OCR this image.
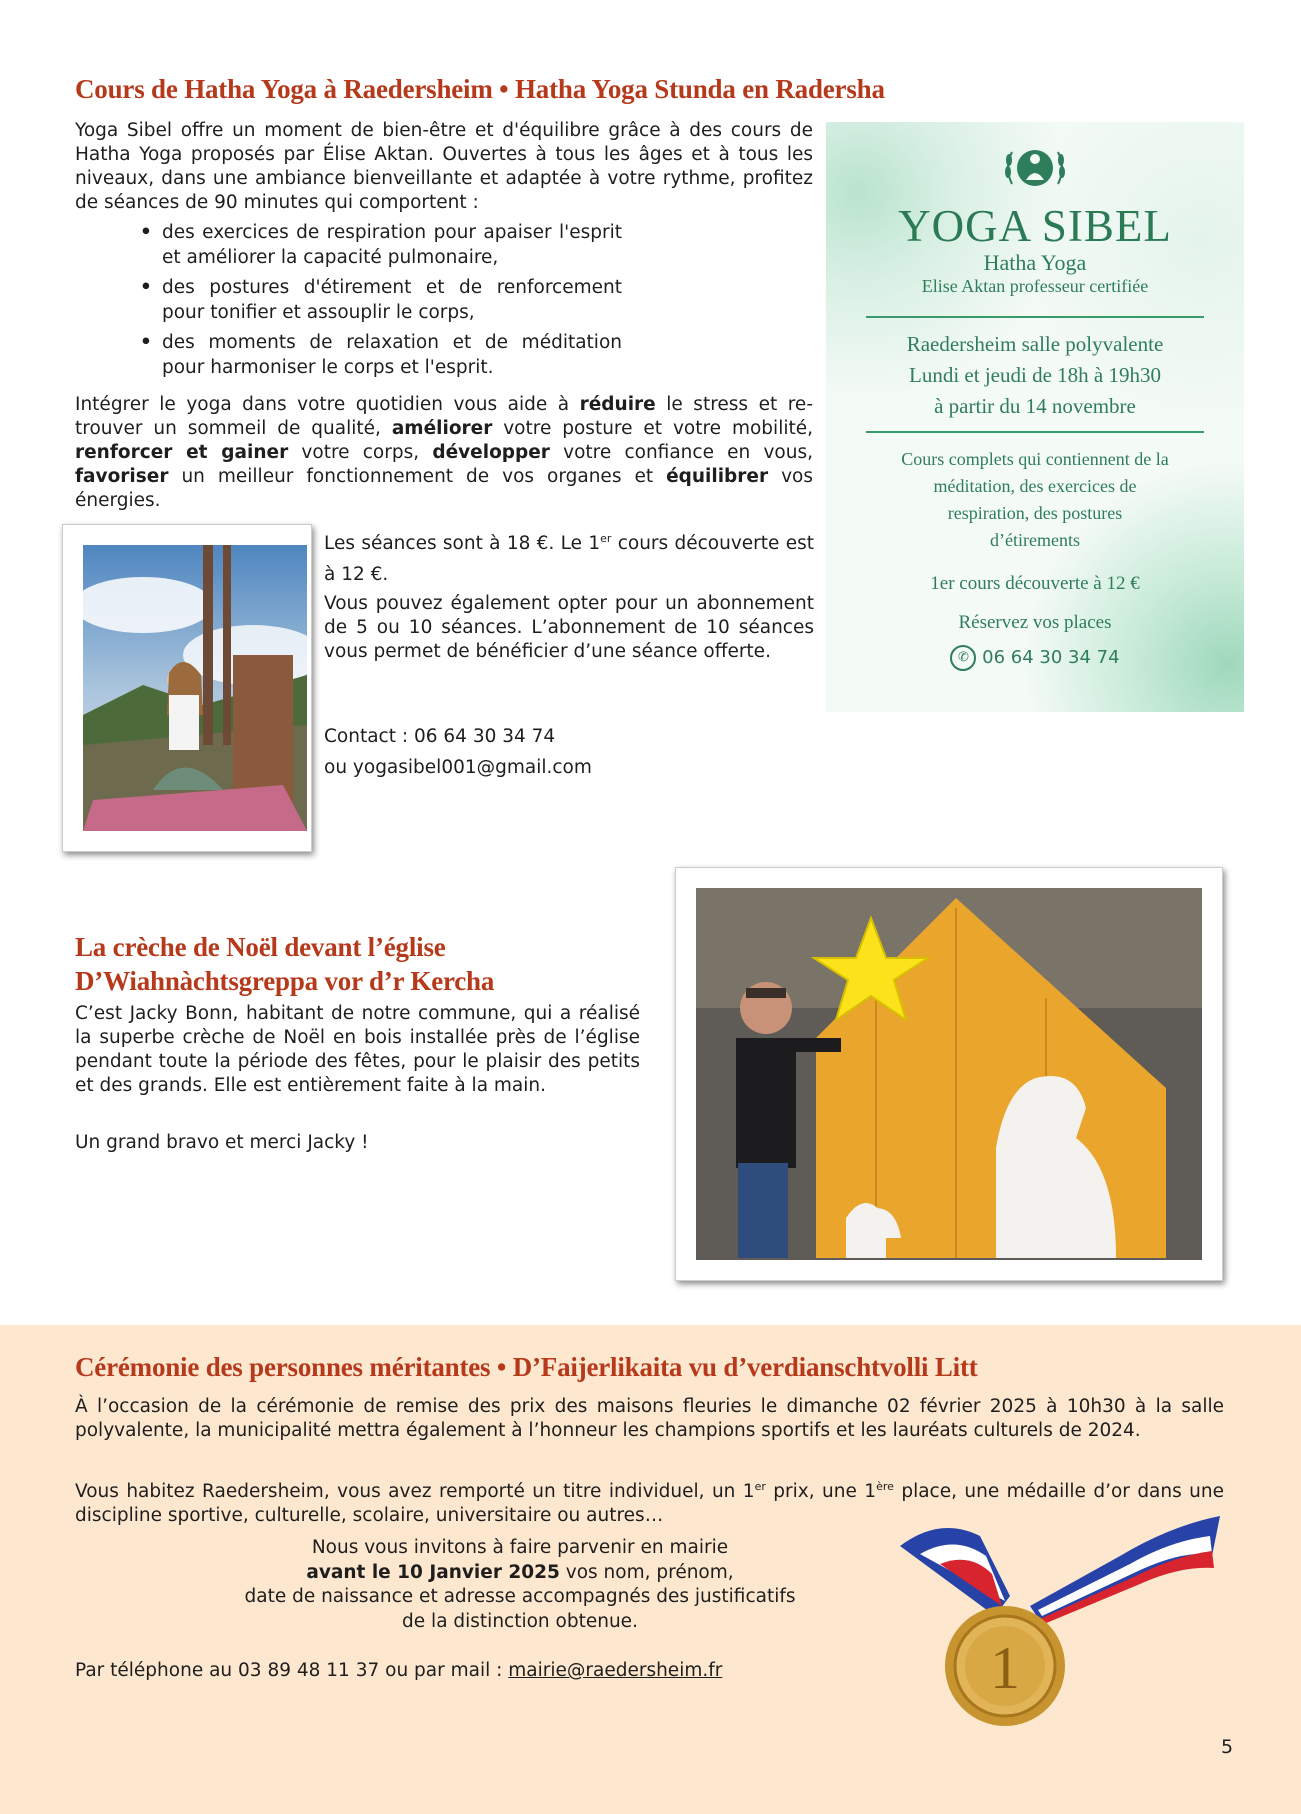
Cours de Hatha Yoga à Raedersheim • Hatha Yoga Stunda en Radersha

Yoga Sibel offre un moment de bien-être et d'équilibre grâce à des cours de Hatha Yoga proposés par Élise Aktan. Ouvertes à tous les âges et à tous les niveaux, dans une ambiance bienveillante et adaptée à votre rythme, profitez de séances de 90 minutes qui comportent :

• des exercices de respiration pour apaiser l'esprit et améliorer la capacité pulmonaire,
• des postures d'étirement et de renforcement pour tonifier et assouplir le corps,
• des moments de relaxation et de méditation pour harmoniser le corps et l'esprit.

Intégrer le yoga dans votre quotidien vous aide à réduire le stress et retrouver un sommeil de qualité, améliorer votre posture et votre mobilité, renforcer et gainer votre corps, développer votre confiance en vous, favoriser un meilleur fonctionnement de vos organes et équilibrer vos énergies.

Les séances sont à 18 €. Le 1er cours découverte est à 12 €.

Vous pouvez également opter pour un abonnement de 5 ou 10 séances. L’abonnement de 10 séances vous permet de bénéficier d’une séance offerte.

Contact : 06 64 30 34 74

ou yogasibel001@gmail.com

YOGA SIBEL
Hatha Yoga
Elise Aktan professeur certifiée
Raedersheim salle polyvalente
Lundi et jeudi de 18h à 19h30
à partir du 14 novembre
Cours complets qui contiennent de la
méditation, des exercices de
respiration, des postures
d’étirements
1er cours découverte à 12 €
Réservez vos places
✆ 06 64 30 34 74
La crèche de Noël devant l’église
D’Wiahnàchtsgreppa vor d’r Kercha

C’est Jacky Bonn, habitant de notre commune, qui a réalisé la superbe crèche de Noël en bois installée près de l’église pendant toute la période des fêtes, pour le plaisir des petits et des grands. Elle est entièrement faite à la main.

Un grand bravo et merci Jacky !

Cérémonie des personnes méritantes • D’Faijerlikaita vu d’verdianschtvolli Litt

À l’occasion de la cérémonie de remise des prix des maisons fleuries le dimanche 02 février 2025 à 10h30 à la salle polyvalente, la municipalité mettra également à l’honneur les champions sportifs et les lauréats culturels de 2024.

Vous habitez Raedersheim, vous avez remporté un titre individuel, un 1er prix, une 1ère place, une médaille d’or dans une discipline sportive, culturelle, scolaire, universitaire ou autres…

Nous vous invitons à faire parvenir en mairie
avant le 10 Janvier 2025 vos nom, prénom,
date de naissance et adresse accompagnés des justificatifs
de la distinction obtenue.

Par téléphone au 03 89 48 11 37 ou par mail : mairie@raedersheim.fr	1
5
